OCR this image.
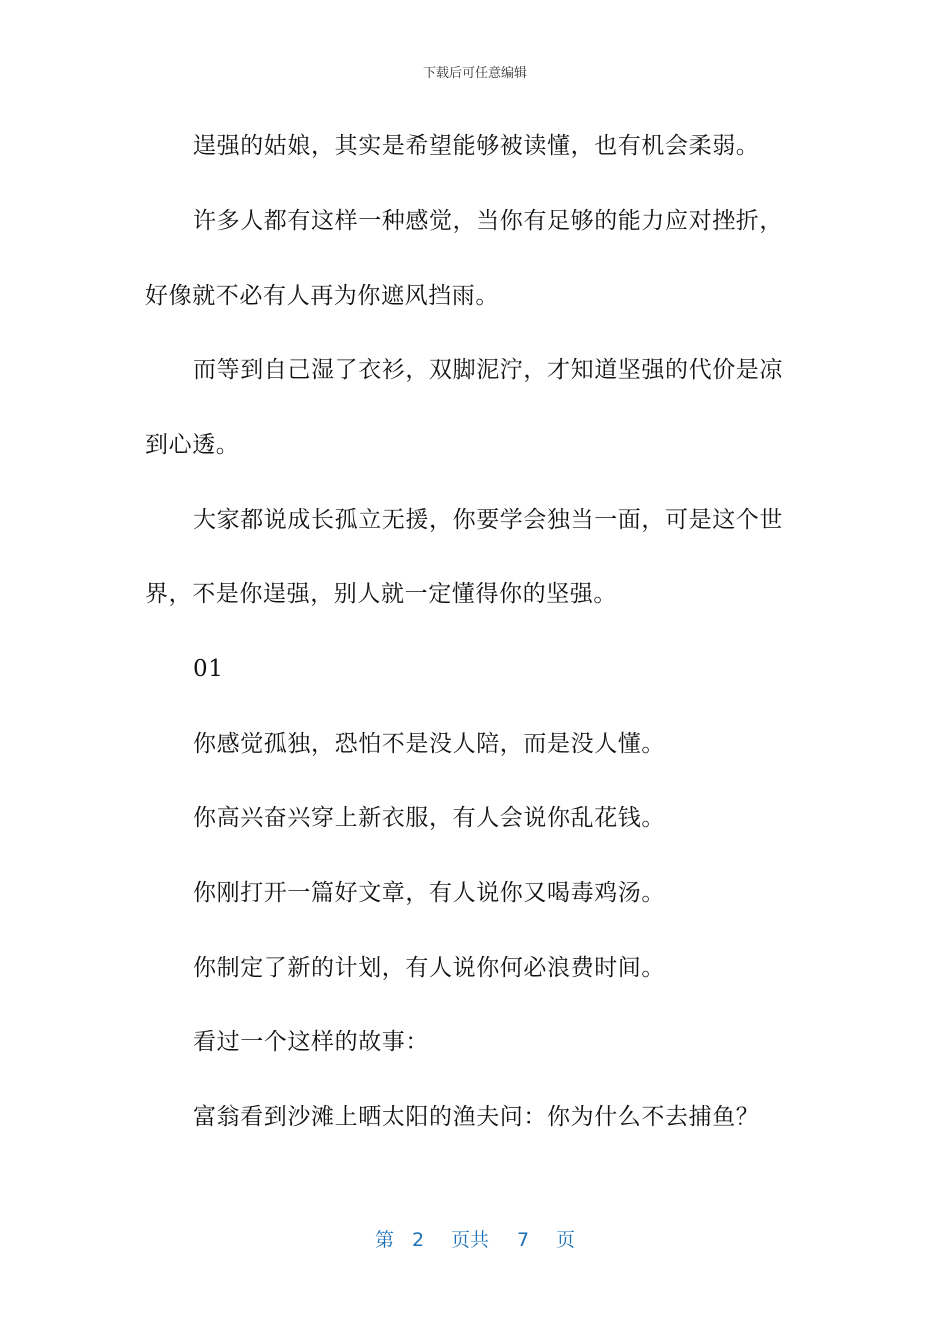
下载后可任意编辑
逞强的姑娘，其实是希望能够被读懂，也有机会柔弱。
许多人都有这样一种感觉，当你有足够的能力应对挫折，
好像就不必有人再为你遮风挡雨。
而等到自己湿了衣衫，双脚泥泞，才知道坚强的代价是凉
到心透。
大家都说成长孤立无援，你要学会独当一面，可是这个世
界，不是你逞强，别人就一定懂得你的坚强。
01
你感觉孤独，恐怕不是没人陪，而是没人懂。
你高兴奋兴穿上新衣服，有人会说你乱花钱。
你刚打开一篇好文章，有人说你又喝毒鸡汤。
你制定了新的计划，有人说你何必浪费时间。
看过一个这样的故事：
富翁看到沙滩上晒太阳的渔夫问：你为什么不去捕鱼？
第 2 页共 7 页
